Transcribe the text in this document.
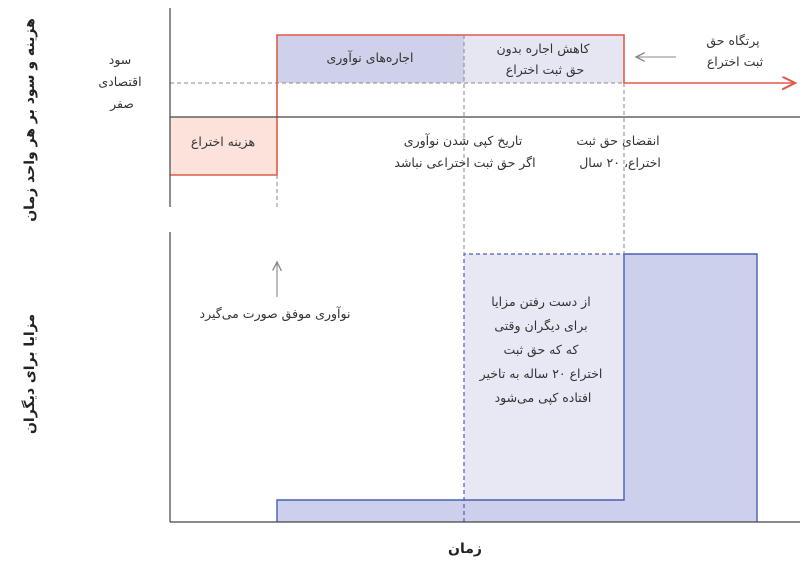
هزینه و سود بر هر واحد زمان
مزایا برای دیگران
زمان
سود اقتصادی صفر
اجاره‌های نوآوری
کاهش اجاره بدون حق ثبت اختراع
پرتگاه حق ثبت اختراع
هزینه اختراع	تاریخ کپی شدن نوآوری اگر حق ثبت اختراعی نباشد
انقضای حق ثبت اختراع، ۲۰ سال
نوآوری موفق صورت می‌گیرد
از دست رفتن مزایا برای دیگران وقتی که که حق ثبت اختراع ۲۰ ساله به تاخیر افتاده کپی می‌شود
